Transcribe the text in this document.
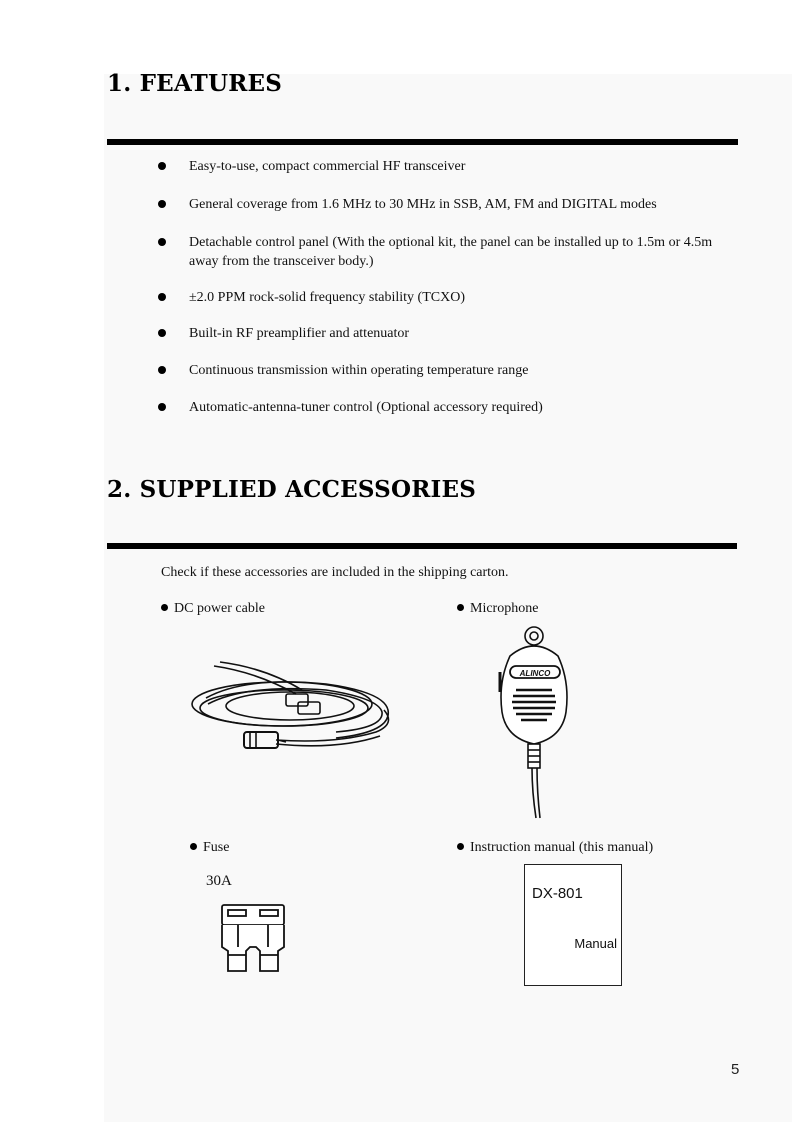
1. FEATURES
Easy-to-use, compact commercial HF transceiver
General coverage from 1.6 MHz to 30 MHz in SSB, AM, FM and DIGITAL modes
Detachable control panel (With the optional kit, the panel can be installed up to 1.5m or 4.5m away from the transceiver body.)
±2.0 PPM rock-solid frequency stability (TCXO)
Built-in RF preamplifier and attenuator
Continuous transmission within operating temperature range
Automatic-antenna-tuner control (Optional accessory required)
2. SUPPLIED ACCESSORIES
Check if these accessories are included in the shipping carton.
DC power cable	Microphone
ALINCO
Fuse	Instruction manual (this manual)
30A
DX-801
Manual
5
